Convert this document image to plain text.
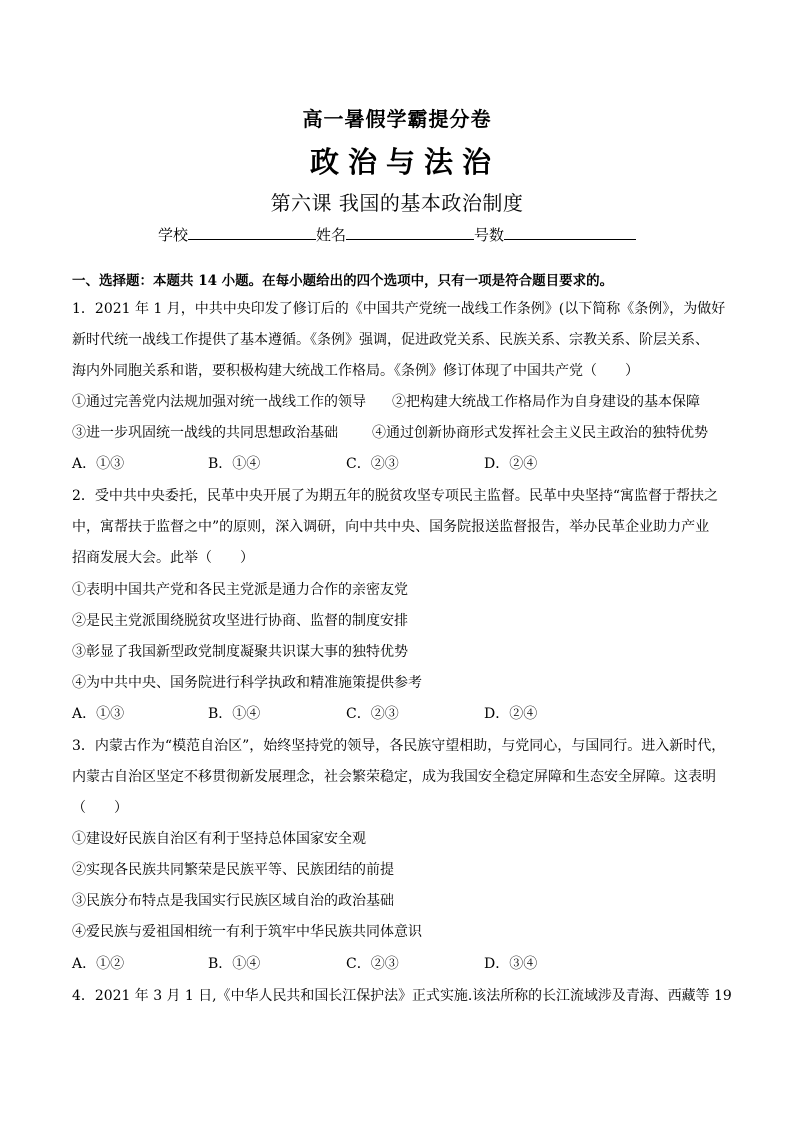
高一暑假学霸提分卷
政治与法治
第六课 我国的基本政治制度
学校	姓名	号数
一、选择题：本题共 14 小题。在每小题给出的四个选项中，只有一项是符合题目要求的。
1．2021 年 1 月，中共中央印发了修订后的《中国共产党统一战线工作条例》(以下简称《条例》，为做好
新时代统一战线工作提供了基本遵循。《条例》强调，促进政党关系、民族关系、宗教关系、阶层关系、
海内外同胞关系和谐，要积极构建大统战工作格局。《条例》修订体现了中国共产党（　　）
①通过完善党内法规加强对统一战线工作的领导 ②把构建大统战工作格局作为自身建设的基本保障
③进一步巩固统一战线的共同思想政治基础 ④通过创新协商形式发挥社会主义民主政治的独特优势
A．①③	B．①④	C．②③	D．②④
2．受中共中央委托，民革中央开展了为期五年的脱贫攻坚专项民主监督。民革中央坚持“寓监督于帮扶之
中，寓帮扶于监督之中”的原则，深入调研，向中共中央、国务院报送监督报告，举办民革企业助力产业
招商发展大会。此举（　　）
①表明中国共产党和各民主党派是通力合作的亲密友党
②是民主党派围绕脱贫攻坚进行协商、监督的制度安排
③彰显了我国新型政党制度凝聚共识谋大事的独特优势
④为中共中央、国务院进行科学执政和精准施策提供参考
A．①③	B．①④	C．②③	D．②④
3．内蒙古作为“模范自治区”，始终坚持党的领导，各民族守望相助，与党同心，与国同行。进入新时代，
内蒙古自治区坚定不移贯彻新发展理念，社会繁荣稳定，成为我国安全稳定屏障和生态安全屏障。这表明
（　　）
①建设好民族自治区有利于坚持总体国家安全观
②实现各民族共同繁荣是民族平等、民族团结的前提
③民族分布特点是我国实行民族区域自治的政治基础
④爱民族与爱祖国相统一有利于筑牢中华民族共同体意识
A．①②	B．①④	C．②③	D．③④
4．2021 年 3 月 1 日,《中华人民共和国长江保护法》正式实施.该法所称的长江流域涉及青海、西藏等 19
